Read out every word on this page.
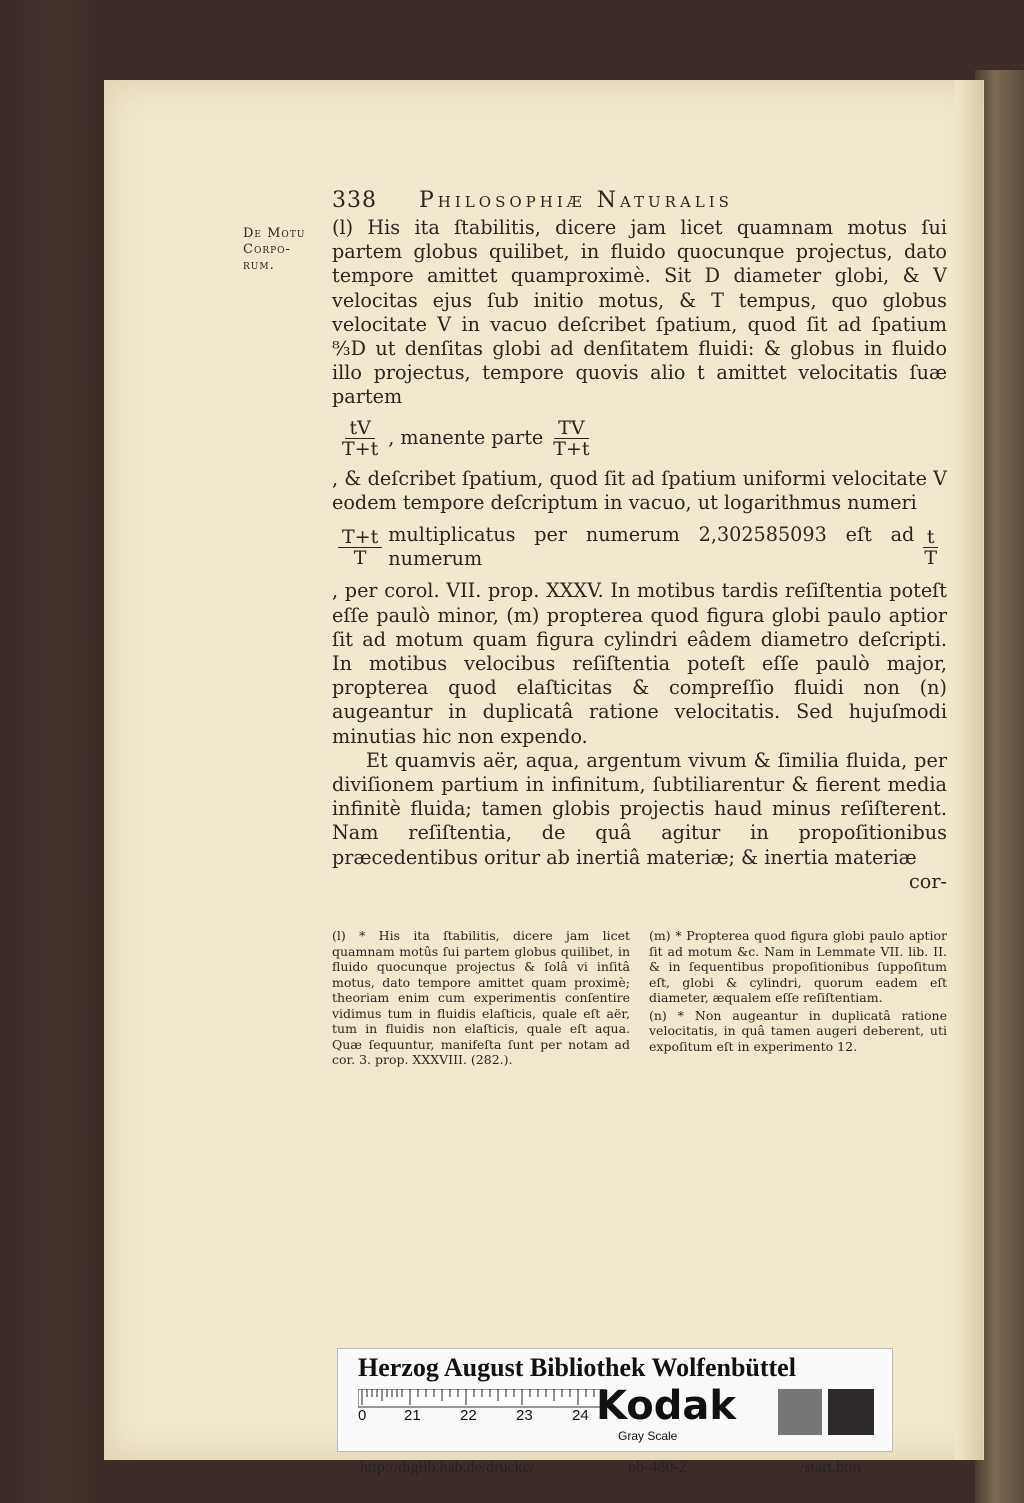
338 Philosophiæ Naturalis
De Motu
Corpo-
rum.

(l) His ita ſtabilitis, dicere jam licet quamnam motus ſui partem globus quilibet, in fluido quocunque projectus, dato tempore amittet quamproximè. Sit D diameter globi, & V velocitas ejus ſub initio motus, & T tempus, quo globus velocitate V in vacuo deſcribet ſpatium, quod ſit ad ſpatium ⁸⁄₃D ut denſitas globi ad denſitatem fluidi: & globus in fluido illo projectus, tempore quovis alio t amittet velocitatis ſuæ partem

$\frac{tV}{T+t}$ , manente parte $\frac{TV}{T+t}$

, & deſcribet ſpatium, quod ſit ad ſpatium uniformi velocitate V eodem tempore deſcriptum in vacuo, ut logarithmus numeri

$\frac{T+t}{T}$ multiplicatus per numerum 2,302585093 eſt ad numerum	$\frac{t}{T}$

, per corol. VII. prop. XXXV. In motibus tardis reſiſtentia poteſt eſſe paulò minor, (m) propterea quod figura globi paulo aptior ſit ad motum quam figura cylindri eâdem diametro deſcripti. In motibus velocibus reſiſtentia poteſt eſſe paulò major, propterea quod elaſticitas & compreſſio fluidi non (n) augeantur in duplicatâ ratione velocitatis. Sed hujuſmodi minutias hic non expendo.

Et quamvis aër, aqua, argentum vivum & ſimilia fluida, per diviſionem partium in infinitum, ſubtiliarentur & fierent media infinitè fluida; tamen globis projectis haud minus reſiſterent. Nam reſiſtentia, de quâ agitur in propoſitionibus præcedentibus oritur ab inertiâ materiæ; & inertia materiæ

cor-

(l) * His ita ſtabilitis, dicere jam licet quamnam motûs ſui partem globus quilibet, in fluido quocunque projectus & ſolâ vi inſitâ motus, dato tempore amittet quam proximè; theoriam enim cum experimentis conſentire vidimus tum in fluidis elaſticis, quale eſt aër, tum in fluidis non elaſticis, quale eſt aqua. Quæ ſequuntur, manifeſta ſunt per notam ad cor. 3. prop. XXXVIII. (282.).

(m) * Propterea quod figura globi paulo aptior ſit ad motum &c. Nam in Lemmate VII. lib. II. & in ſequentibus propoſitionibus ſuppoſitum eſt, globi & cylindri, quorum eadem eſt diameter, æqualem eſſe reſiſtentiam.

(n) * Non augeantur in duplicatâ ratione velocitatis, in quâ tamen augeri deberent, uti expoſitum eſt in experimento 12.

Herzog August Bibliothek Wolfenbüttel
0	21	22	23	24 Kodak
Gray Scale
http://diglib.hab.de/drucke/	nb-480-2	/start.htm
